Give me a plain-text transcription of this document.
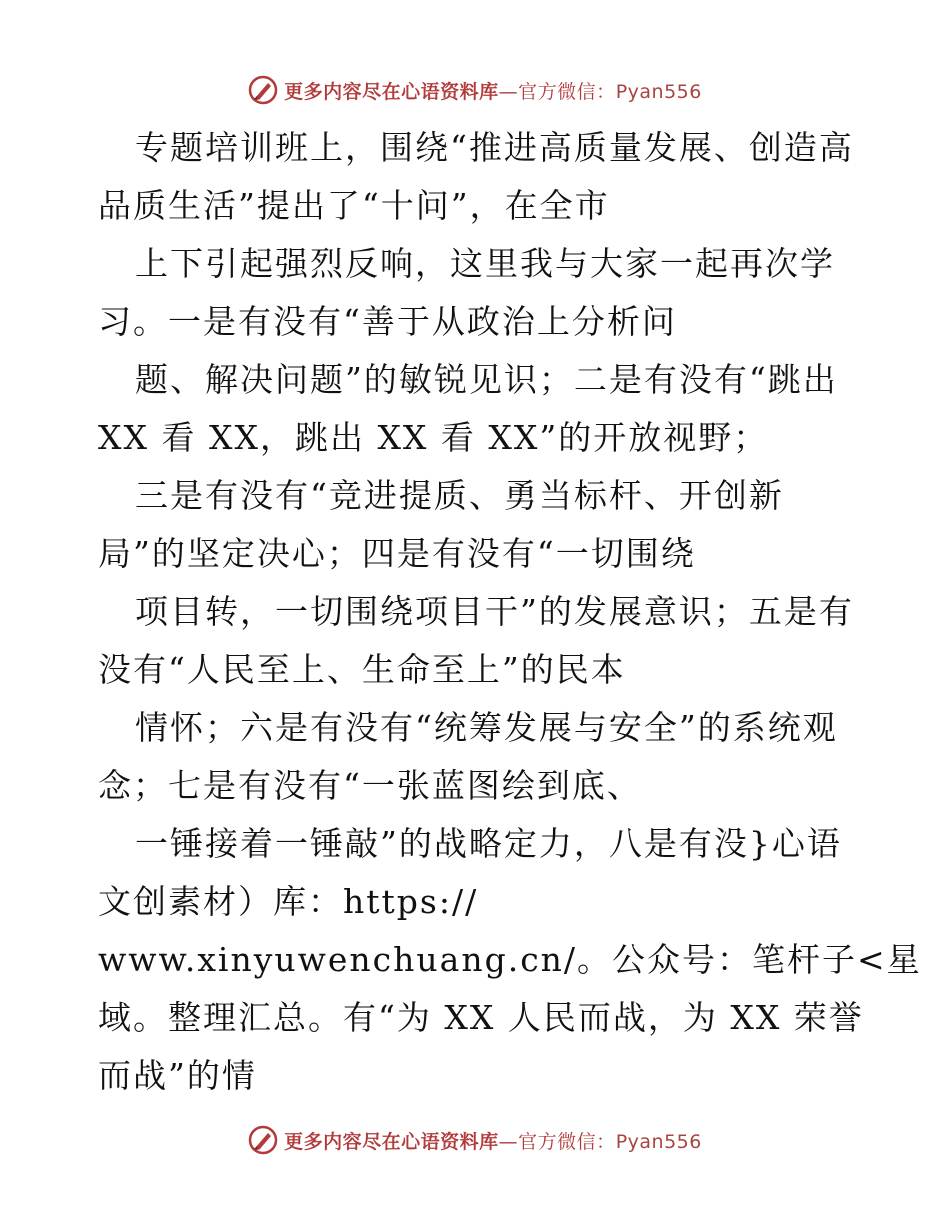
更多内容尽在心语资料库—官方微信：Pyan556
专题培训班上，围绕“推进高质量发展、创造高
品质生活”提出了“十问”，在全市
上下引起强烈反响，这里我与大家一起再次学
习。一是有没有“善于从政治上分析问
题、解决问题”的敏锐见识；二是有没有“跳出
XX 看 XX，跳出 XX 看 XX”的开放视野；
三是有没有“竞进提质、勇当标杆、开创新
局”的坚定决心；四是有没有“一切围绕
项目转，一切围绕项目干”的发展意识；五是有
没有“人民至上、生命至上”的民本
情怀；六是有没有“统筹发展与安全”的系统观
念；七是有没有“一张蓝图绘到底、
一锤接着一锤敲”的战略定力，八是有没}心语
文创素材）库：https://
www.xinyuwenchuang.cn/。公众号：笔杆子<星
域。整理汇总。有“为 XX 人民而战，为 XX 荣誉
而战”的情
更多内容尽在心语资料库—官方微信：Pyan556
